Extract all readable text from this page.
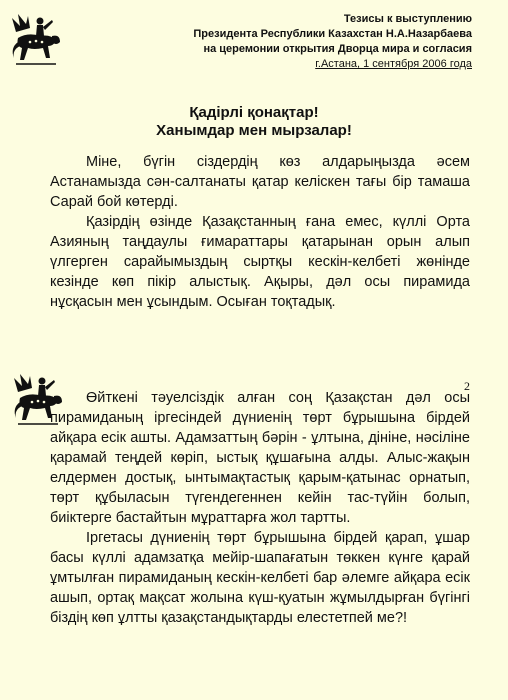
Тезисы к выступлению
Президента Республики Казахстан Н.А.Назарбаева
на церемонии открытия Дворца мира и согласия
г.Астана, 1 сентября 2006 года
Қадірлі қонақтар!
Ханымдар мен мырзалар!

Міне, бүгін сіздердің көз алдарыңызда әсем Астанамызда сән-салтанаты қатар келіскен тағы бір тамаша Сарай бой көтерді.

Қазірдің өзінде Қазақстанның ғана емес, күллі Орта Азияның таңдаулы ғимараттары қатарынан орын алып үлгерген сарайымыздың сыртқы кескін-келбеті жөнінде кезінде көп пікір алыстық. Ақыры, дәл осы пирамида нұсқасын мен ұсындым. Осыған тоқтадық.

2

Өйткені тәуелсіздік алған соң Қазақстан дәл осы пирамиданың іргесіндей дүниенің төрт бұрышына бірдей айқара есік ашты. Адамзаттың бәрін - ұлтына, дініне, нәсіліне қарамай теңдей көріп, ыстық құшағына алды. Алыс-жақын елдермен достық, ынтымақтастық қарым-қатынас орнатып, төрт құбыласын түгендегеннен кейін тас-түйін болып, биіктерге бастайтын мұраттарға жол тартты.

Іргетасы дүниенің төрт бұрышына бірдей қарап, ұшар басы күллі адамзатқа мейір-шапағатын төккен күнге қарай ұмтылған пирамиданың кескін-келбеті бар әлемге айқара есік ашып, ортақ мақсат жолына күш-қуатын жұмылдырған бүгінгі біздің көп ұлтты қазақстандықтарды елестетпей ме?!
